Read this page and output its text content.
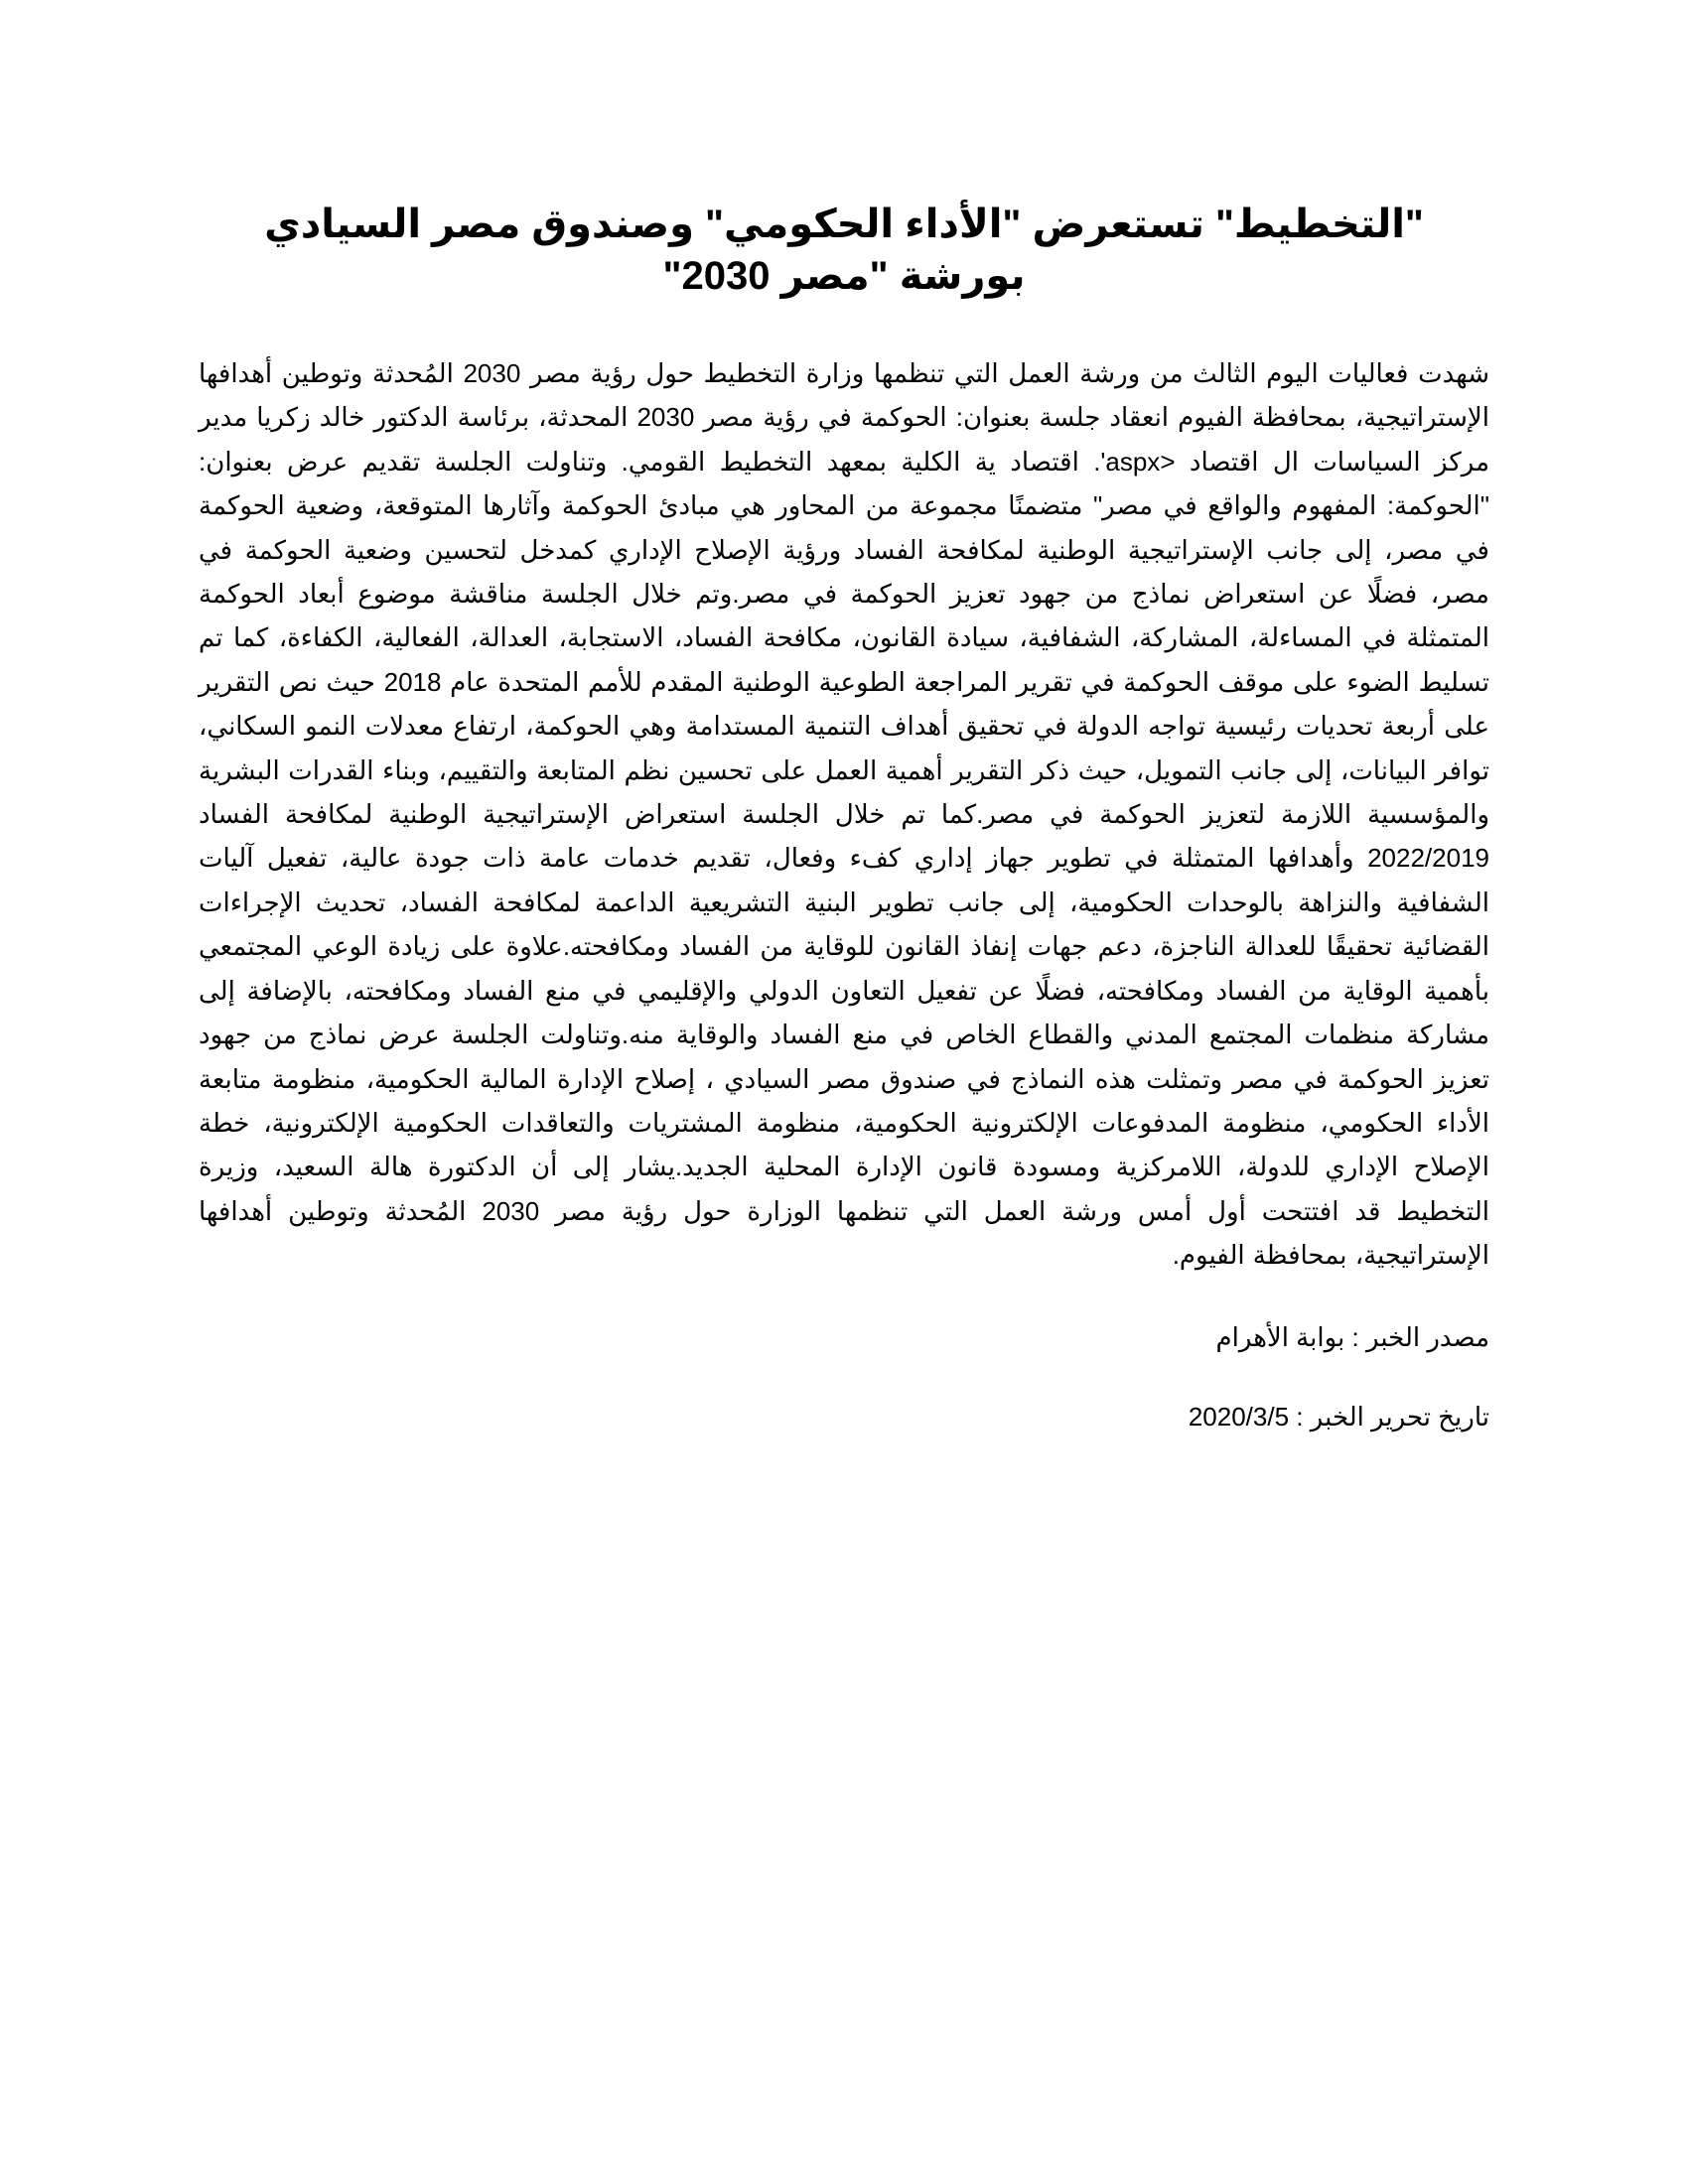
"التخطيط" تستعرض "الأداء الحكومي" وصندوق مصر السيادي بورشة "مصر 2030"

شهدت فعاليات اليوم الثالث من ورشة العمل التي تنظمها وزارة التخطيط حول رؤية مصر 2030 المُحدثة وتوطين أهدافها الإستراتيجية، بمحافظة الفيوم انعقاد جلسة بعنوان: الحوكمة في رؤية مصر 2030 المحدثة، برئاسة الدكتور خالد زكريا مدير مركز السياسات ال اقتصاد <aspx'. اقتصاد ية الكلية بمعهد التخطيط القومي. وتناولت الجلسة تقديم عرض بعنوان: "الحوكمة: المفهوم والواقع في مصر" متضمنًا مجموعة من المحاور هي مبادئ الحوكمة وآثارها المتوقعة، وضعية الحوكمة في مصر، إلى جانب الإستراتيجية الوطنية لمكافحة الفساد ورؤية الإصلاح الإداري كمدخل لتحسين وضعية الحوكمة في مصر، فضلًا عن استعراض نماذج من جهود تعزيز الحوكمة في مصر.وتم خلال الجلسة مناقشة موضوع أبعاد الحوكمة المتمثلة في المساءلة، المشاركة، الشفافية، سيادة القانون، مكافحة الفساد، الاستجابة، العدالة، الفعالية، الكفاءة، كما تم تسليط الضوء على موقف الحوكمة في تقرير المراجعة الطوعية الوطنية المقدم للأمم المتحدة عام 2018 حيث نص التقرير على أربعة تحديات رئيسية تواجه الدولة في تحقيق أهداف التنمية المستدامة وهي الحوكمة، ارتفاع معدلات النمو السكاني، توافر البيانات، إلى جانب التمويل، حيث ذكر التقرير أهمية العمل على تحسين نظم المتابعة والتقييم، وبناء القدرات البشرية والمؤسسية اللازمة لتعزيز الحوكمة في مصر.كما تم خلال الجلسة استعراض الإستراتيجية الوطنية لمكافحة الفساد 2022/2019 وأهدافها المتمثلة في تطوير جهاز إداري كفء وفعال، تقديم خدمات عامة ذات جودة عالية، تفعيل آليات الشفافية والنزاهة بالوحدات الحكومية، إلى جانب تطوير البنية التشريعية الداعمة لمكافحة الفساد، تحديث الإجراءات القضائية تحقيقًا للعدالة الناجزة، دعم جهات إنفاذ القانون للوقاية من الفساد ومكافحته.علاوة على زيادة الوعي المجتمعي بأهمية الوقاية من الفساد ومكافحته، فضلًا عن تفعيل التعاون الدولي والإقليمي في منع الفساد ومكافحته، بالإضافة إلى مشاركة منظمات المجتمع المدني والقطاع الخاص في منع الفساد والوقاية منه.وتناولت الجلسة عرض نماذج من جهود تعزيز الحوكمة في مصر وتمثلت هذه النماذج في صندوق مصر السيادي ، إصلاح الإدارة المالية الحكومية، منظومة متابعة الأداء الحكومي، منظومة المدفوعات الإلكترونية الحكومية، منظومة المشتريات والتعاقدات الحكومية الإلكترونية، خطة الإصلاح الإداري للدولة، اللامركزية ومسودة قانون الإدارة المحلية الجديد.يشار إلى أن الدكتورة هالة السعيد، وزيرة التخطيط قد افتتحت أول أمس ورشة العمل التي تنظمها الوزارة حول رؤية مصر 2030 المُحدثة وتوطين أهدافها الإستراتيجية، بمحافظة الفيوم.

مصدر الخبر : بوابة الأهرام

تاريخ تحرير الخبر : 2020/3/5
